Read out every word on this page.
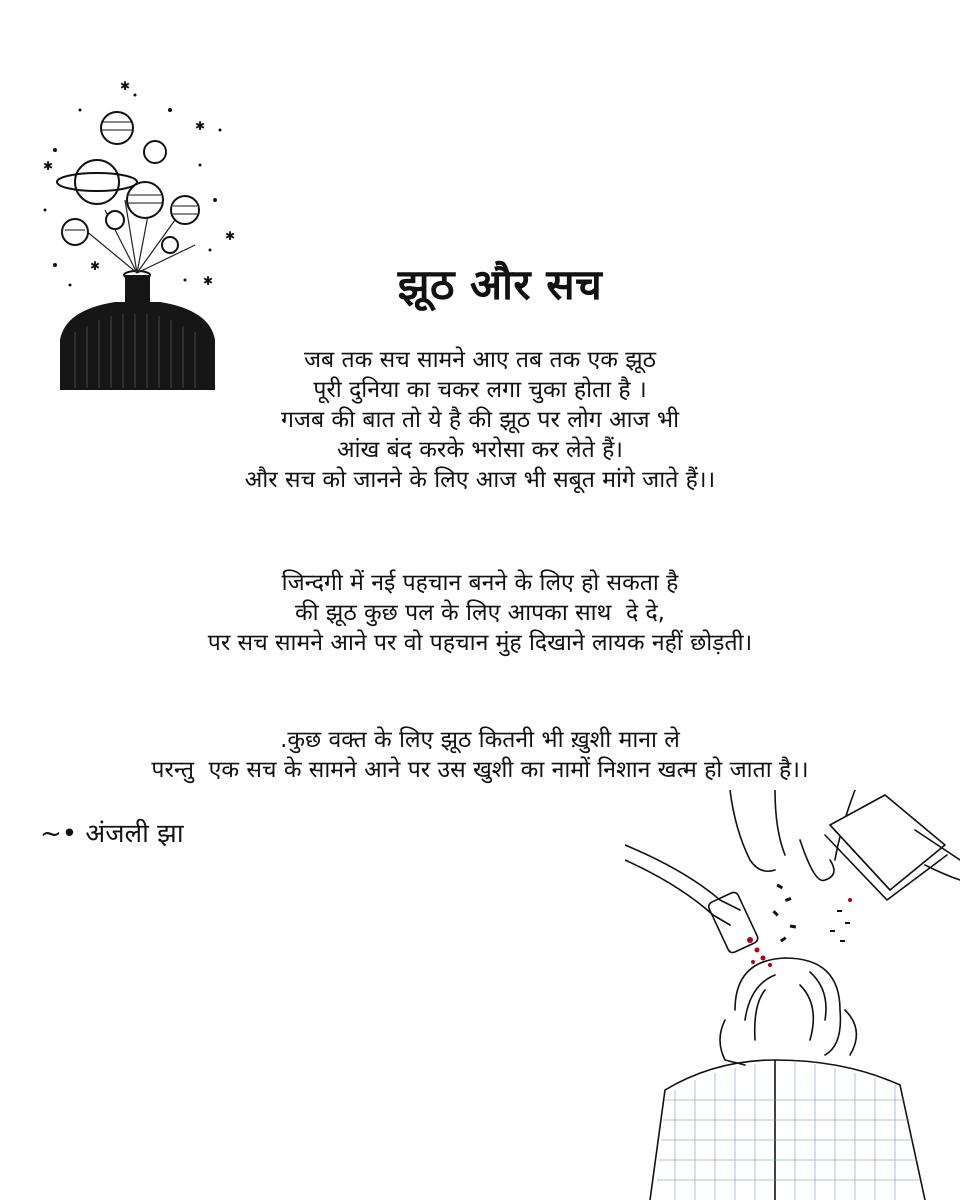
✱
✱
✱
✱
✱
✱	झूठ और सच
जब तक सच सामने आए तब तक एक झूठ
पूरी दुनिया का चकर लगा चुका होता है ।
गजब की बात तो ये है की झूठ पर लोग आज भी
आंख बंद करके भरोसा कर लेते हैं।
और सच को जानने के लिए आज भी सबूत मांगे जाते हैं।।
जिन्दगी में नई पहचान बनने के लिए हो सकता है
की झूठ कुछ पल के लिए आपका साथ  दे दे,
पर सच सामने आने पर वो पहचान मुंह दिखाने लायक नहीं छोड़ती।
.कुछ वक्त के लिए झूठ कितनी भी ख़ुशी माना ले
परन्तु  एक सच के सामने आने पर उस खुशी का नामों निशान खत्म हो जाता है।।
~• अंजली झा
